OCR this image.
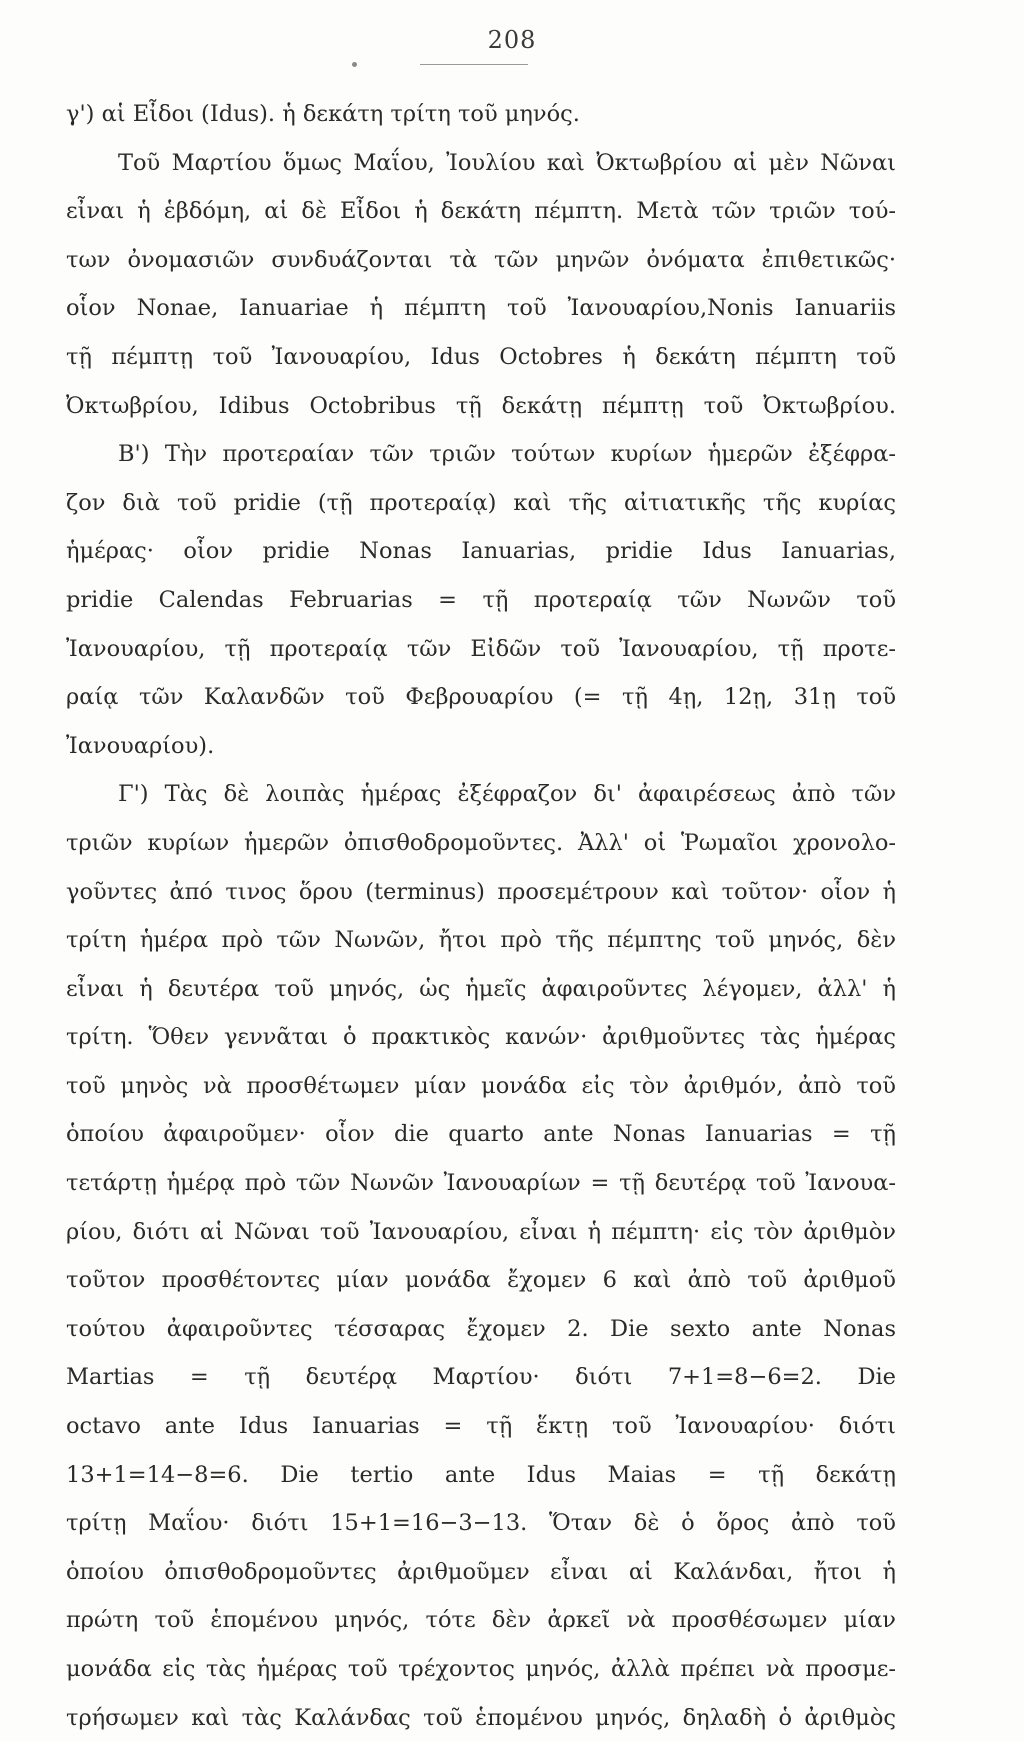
208
γ') αἱ Εἶδοι (Idus). ἡ δεκάτη τρίτη τοῦ μηνός.
Τοῦ Μαρτίου ὅμως Μαΐου, Ἰουλίου καὶ Ὀκτωβρίου αἱ μὲν Νῶναι
εἶναι ἡ ἑβδόμη, αἱ δὲ Εἶδοι ἡ δεκάτη πέμπτη. Μετὰ τῶν τριῶν τού-
των ὀνομασιῶν συνδυάζονται τὰ τῶν μηνῶν ὀνόματα ἐπιθετικῶς·
οἷον Nonae, Ianuariae ἡ πέμπτη τοῦ Ἰανουαρίου,Nonis Ianuariis
τῇ πέμπτῃ τοῦ Ἰανουαρίου, Idus Octobres ἡ δεκάτη πέμπτη τοῦ
Ὀκτωβρίου, Idibus Octobribus τῇ δεκάτῃ πέμπτῃ τοῦ Ὀκτωβρίου.
Β') Τὴν προτεραίαν τῶν τριῶν τούτων κυρίων ἡμερῶν ἐξέφρα-
ζον διὰ τοῦ pridie (τῇ προτεραίᾳ) καὶ τῆς αἰτιατικῆς τῆς κυρίας
ἡμέρας· οἷον pridie Nonas Ianuarias, pridie Idus Ianuarias,
pridie Calendas Februarias = τῇ προτεραίᾳ τῶν Νωνῶν τοῦ
Ἰανουαρίου, τῇ προτεραίᾳ τῶν Εἰδῶν τοῦ Ἰανουαρίου, τῇ προτε-
ραίᾳ τῶν Καλανδῶν τοῦ Φεβρουαρίου (= τῇ 4ῃ, 12ῃ, 31ῃ τοῦ
Ἰανουαρίου).
Γ') Τὰς δὲ λοιπὰς ἡμέρας ἐξέφραζον δι' ἀφαιρέσεως ἀπὸ τῶν
τριῶν κυρίων ἡμερῶν ὀπισθοδρομοῦντες. Ἀλλ' οἱ Ῥωμαῖοι χρονολο-
γοῦντες ἀπό τινος ὅρου (terminus) προσεμέτρουν καὶ τοῦτον· οἷον ἡ
τρίτη ἡμέρα πρὸ τῶν Νωνῶν, ἤτοι πρὸ τῆς πέμπτης τοῦ μηνός, δὲν
εἶναι ἡ δευτέρα τοῦ μηνός, ὡς ἡμεῖς ἀφαιροῦντες λέγομεν, ἀλλ' ἡ
τρίτη. Ὅθεν γεννᾶται ὁ πρακτικὸς κανών· ἀριθμοῦντες τὰς ἡμέρας
τοῦ μηνὸς νὰ προσθέτωμεν μίαν μονάδα εἰς τὸν ἀριθμόν, ἀπὸ τοῦ
ὁποίου ἀφαιροῦμεν· οἷον die quarto ante Nonas Ianuarias = τῇ
τετάρτῃ ἡμέρᾳ πρὸ τῶν Νωνῶν Ἰανουαρίων = τῇ δευτέρᾳ τοῦ Ἰανουα-
ρίου, διότι αἱ Νῶναι τοῦ Ἰανουαρίου, εἶναι ἡ πέμπτη· εἰς τὸν ἀριθμὸν
τοῦτον προσθέτοντες μίαν μονάδα ἔχομεν 6 καὶ ἀπὸ τοῦ ἀριθμοῦ
τούτου ἀφαιροῦντες τέσσαρας ἔχομεν 2. Die sexto ante Nonas
Martias = τῇ δευτέρᾳ Μαρτίου· διότι 7+1=8−6=2. Die
octavo ante Idus Ianuarias = τῇ ἕκτῃ τοῦ Ἰανουαρίου· διότι
13+1=14−8=6. Die tertio ante Idus Maias = τῇ δεκάτῃ
τρίτῃ Μαΐου· διότι 15+1=16−3−13. Ὅταν δὲ ὁ ὅρος ἀπὸ τοῦ
ὁποίου ὀπισθοδρομοῦντες ἀριθμοῦμεν εἶναι αἱ Καλάνδαι, ἤτοι ἡ
πρώτη τοῦ ἑπομένου μηνός, τότε δὲν ἀρκεῖ νὰ προσθέσωμεν μίαν
μονάδα εἰς τὰς ἡμέρας τοῦ τρέχοντος μηνός, ἀλλὰ πρέπει νὰ προσμε-
τρήσωμεν καὶ τὰς Καλάνδας τοῦ ἑπομένου μηνός, δηλαδὴ ὁ ἀριθμὸς
